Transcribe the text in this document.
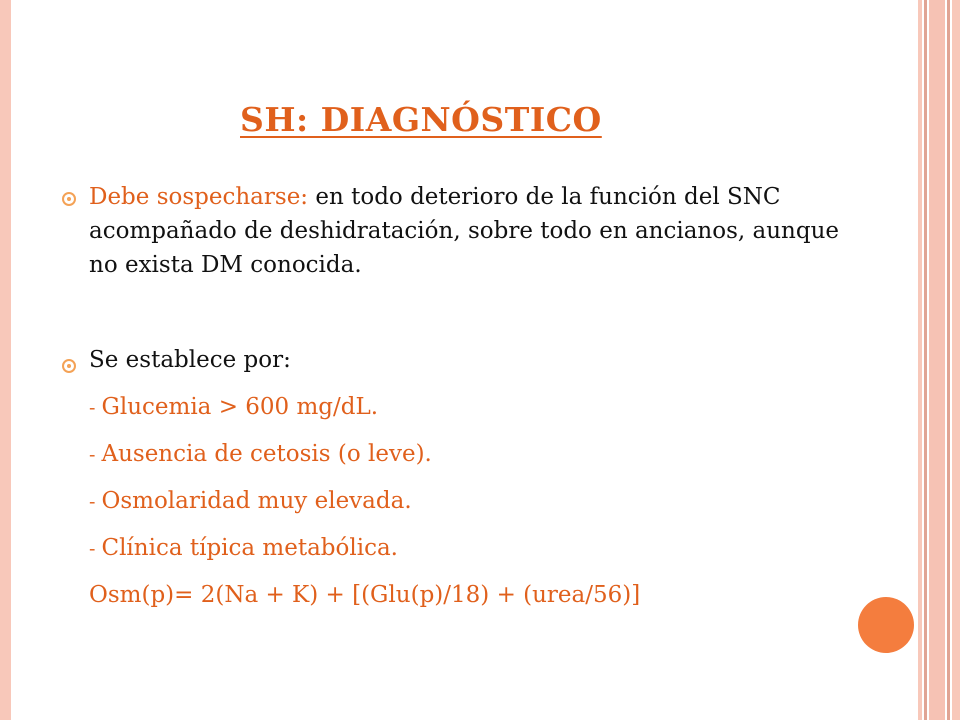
SH: DIAGNÓSTICO

Debe sospecharse: en todo deterioro de la función del SNC acompañado de deshidratación, sobre todo en ancianos, aunque no exista DM conocida.

Se establece por:
- Glucemia > 600 mg/dL.
- Ausencia de cetosis (o leve).
- Osmolaridad muy elevada.
- Clínica típica metabólica.
Osm(p)= 2(Na + K) + [(Glu(p)/18) + (urea/56)]
